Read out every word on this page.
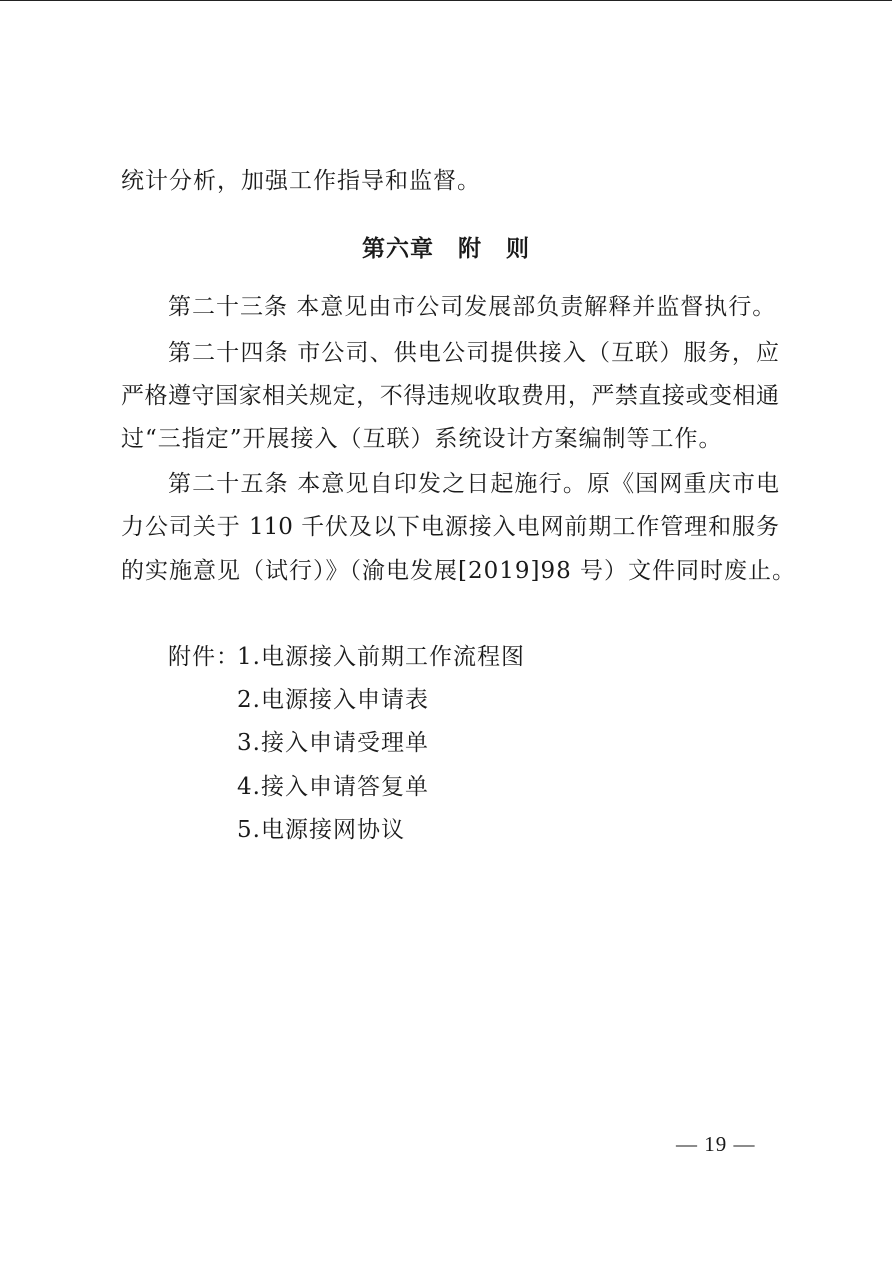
统计分析，加强工作指导和监督。
第六章　附　则
第二十三条 本意见由市公司发展部负责解释并监督执行。
第二十四条 市公司、供电公司提供接入（互联）服务，应
严格遵守国家相关规定，不得违规收取费用，严禁直接或变相通
过“三指定”开展接入（互联）系统设计方案编制等工作。
第二十五条 本意见自印发之日起施行。原《国网重庆市电
力公司关于 110 千伏及以下电源接入电网前期工作管理和服务
的实施意见（试行）》（渝电发展[2019]98 号）文件同时废止。
附件：
1.电源接入前期工作流程图
2.电源接入申请表
3.接入申请受理单
4.接入申请答复单
5.电源接网协议
— 19 —
